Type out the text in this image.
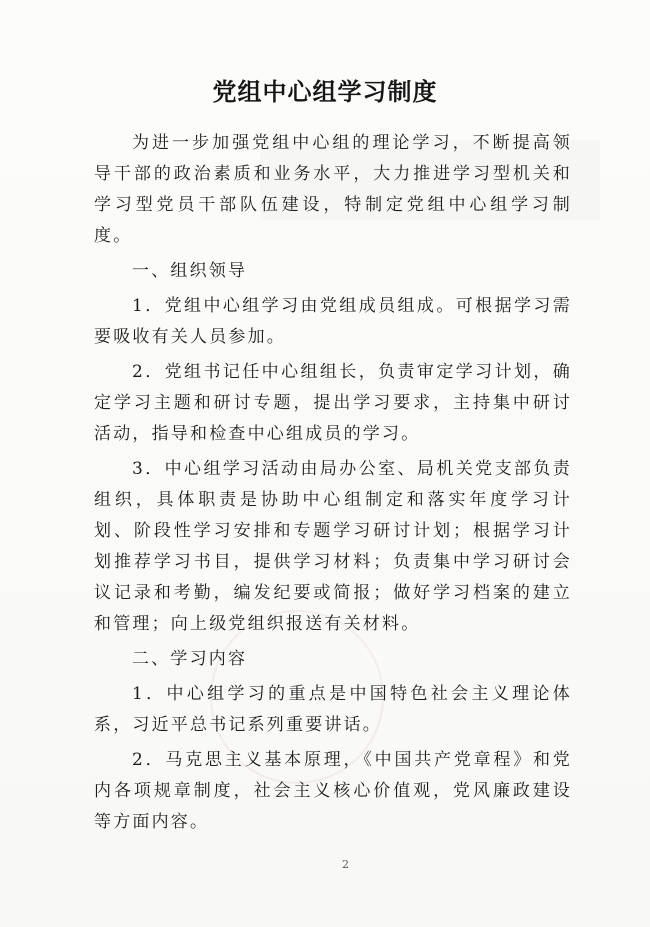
党组中心组学习制度

为进一步加强党组中心组的理论学习，不断提高领导干部的政治素质和业务水平，大力推进学习型机关和学习型党员干部队伍建设，特制定党组中心组学习制度。

一、组织领导

1．党组中心组学习由党组成员组成。可根据学习需要吸收有关人员参加。

2．党组书记任中心组组长，负责审定学习计划，确定学习主题和研讨专题，提出学习要求，主持集中研讨活动，指导和检查中心组成员的学习。

3．中心组学习活动由局办公室、局机关党支部负责组织，具体职责是协助中心组制定和落实年度学习计划、阶段性学习安排和专题学习研讨计划；根据学习计划推荐学习书目，提供学习材料；负责集中学习研讨会议记录和考勤，编发纪要或简报；做好学习档案的建立和管理；向上级党组织报送有关材料。

二、学习内容

1．中心组学习的重点是中国特色社会主义理论体系，习近平总书记系列重要讲话。

2．马克思主义基本原理，《中国共产党章程》和党内各项规章制度，社会主义核心价值观，党风廉政建设等方面内容。

2
